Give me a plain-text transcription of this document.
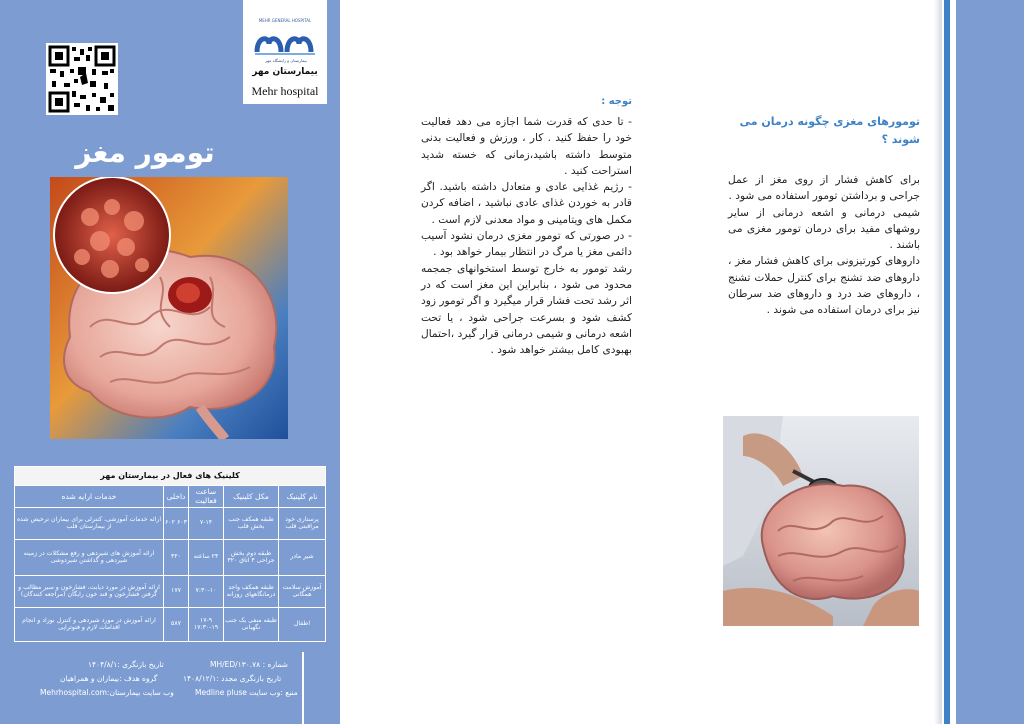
MEHR GENERAL HOSPITAL
بیمارستان و زایشگاه مهر
بیمارستان مهر
Mehr hospital
تومور مغز
کلینیک های فعال در بیمارستان مهر				
نام کلینیک	مکل کلینیک	ساعت فعالیت	داخلی	خدمات ارایه شده
پرستاری خود مراقبتی قلب	طبقه همکف جنب بخش قلب	۷-۱۴	۶۰۳ ۶۰۲	ارائه خدمات آموزشی، کنترلی برای بیماران ترخیص شده از بیمارستان قلب
شیر مادر	طبقه دوم بخش جراحی ۴ اتاق ۳۲۰	۲۴ ساعته	۳۲۰	ارائه آموزش های شیردهی و رفع مشکلات در زمینه شیردهی و گذاشتن شیردوشی
آموزش سلامت همگانی	طبقه همکف واحد درمانگاههای روزانه	۷:۳۰-۱۰	۱۷۷	ارائه آموزش در مورد دیابت، فشارخون و سیر مطالب و گرفتن فشارخون و قند خون رایگان (مراجعه کنندگان)
اطفال	طبقه منفی یک جنب نگهبانی	۱۷-۹ ۱۷:۳۰-۱۹	۵۸۷	ارائه آموزش در مورد شیردهی و کنترل نوزاد و انجام اقدامات لازم و فتوتراپی
شماره : MH/ED/۱۳۰.۷۸
تاریخ بازنگری :۱۴۰۴/۸/۱
تاریخ بازنگری مجدد :۱۴۰۸/۱۲/۱
گروه هدف :بیماران و همراهیان
منبع :وب سایت Medline pluse
وب سایت بیمارستان:Mehrhospital.com
توجه :

- تا حدی که قدرت شما اجازه می دهد فعالیت خود را حفظ کنید . کار ، ورزش و فعالیت بدنی متوسط داشته باشید،زمانی که خسته شدید استراحت کنید .

- رژیم غذایی عادی و متعادل داشته باشید. اگر قادر به خوردن غذای عادی نباشید ، اضافه کردن مکمل های ویتامینی و مواد معدنی لازم است .

- در صورتی که تومور مغزی درمان نشود آسیب دائمی مغز یا مرگ در انتظار بیمار خواهد بود .

رشد تومور به خارج توسط استخوانهای جمجمه محدود می شود ، بنابراین این مغز است که در اثر رشد تحت فشار قرار میگیرد و اگر تومور زود کشف شود و بسرعت جراحی شود ، یا تحت اشعه درمانی و شیمی درمانی قرار گیرد ،احتمال بهبودی کامل بیشتر خواهد شود .

تومورهای مغزی چگونه درمان می شوند ؟

برای کاهش فشار از روی مغز از عمل جراحی و برداشتن تومور استفاده می شود .

شیمی درمانی و اشعه درمانی از سایر روشهای مفید برای درمان تومور مغزی می باشند .

داروهای کورتیزونی برای کاهش فشار مغز ، داروهای ضد تشنج برای کنترل حملات تشنج ، داروهای ضد درد و داروهای ضد سرطان نیز برای درمان استفاده می شوند .
